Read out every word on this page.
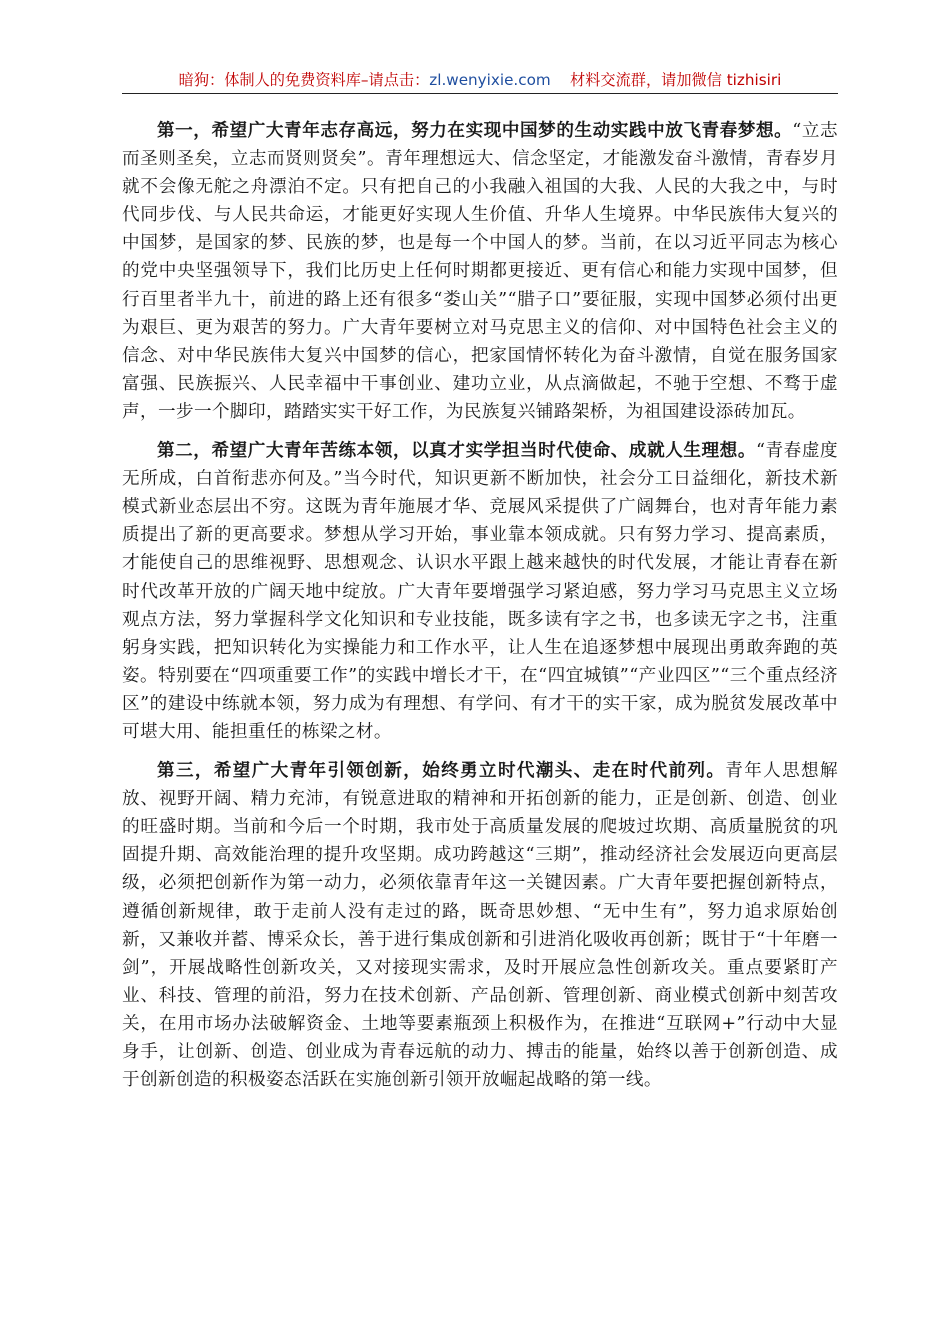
暗狗：体制人的免费资料库–请点击：zl.wenyixie.com 材料交流群，请加微信 tizhisiri

第一，希望广大青年志存高远，努力在实现中国梦的生动实践中放飞青春梦想。“立志而圣则圣矣，立志而贤则贤矣”。青年理想远大、信念坚定，才能激发奋斗激情，青春岁月就不会像无舵之舟漂泊不定。只有把自己的小我融入祖国的大我、人民的大我之中，与时代同步伐、与人民共命运，才能更好实现人生价值、升华人生境界。中华民族伟大复兴的中国梦，是国家的梦、民族的梦，也是每一个中国人的梦。当前，在以习近平同志为核心的党中央坚强领导下，我们比历史上任何时期都更接近、更有信心和能力实现中国梦，但行百里者半九十，前进的路上还有很多“娄山关”“腊子口”要征服，实现中国梦必须付出更为艰巨、更为艰苦的努力。广大青年要树立对马克思主义的信仰、对中国特色社会主义的信念、对中华民族伟大复兴中国梦的信心，把家国情怀转化为奋斗激情，自觉在服务国家富强、民族振兴、人民幸福中干事创业、建功立业，从点滴做起，不驰于空想、不骛于虚声，一步一个脚印，踏踏实实干好工作，为民族复兴铺路架桥，为祖国建设添砖加瓦。

第二，希望广大青年苦练本领，以真才实学担当时代使命、成就人生理想。“青春虚度无所成，白首衔悲亦何及。”当今时代，知识更新不断加快，社会分工日益细化，新技术新模式新业态层出不穷。这既为青年施展才华、竞展风采提供了广阔舞台，也对青年能力素质提出了新的更高要求。梦想从学习开始，事业靠本领成就。只有努力学习、提高素质，才能使自己的思维视野、思想观念、认识水平跟上越来越快的时代发展，才能让青春在新时代改革开放的广阔天地中绽放。广大青年要增强学习紧迫感，努力学习马克思主义立场观点方法，努力掌握科学文化知识和专业技能，既多读有字之书，也多读无字之书，注重躬身实践，把知识转化为实操能力和工作水平，让人生在追逐梦想中展现出勇敢奔跑的英姿。特别要在“四项重要工作”的实践中增长才干，在“四宜城镇”“产业四区”“三个重点经济区”的建设中练就本领，努力成为有理想、有学问、有才干的实干家，成为脱贫发展改革中可堪大用、能担重任的栋梁之材。

第三，希望广大青年引领创新，始终勇立时代潮头、走在时代前列。青年人思想解放、视野开阔、精力充沛，有锐意进取的精神和开拓创新的能力，正是创新、创造、创业的旺盛时期。当前和今后一个时期，我市处于高质量发展的爬坡过坎期、高质量脱贫的巩固提升期、高效能治理的提升攻坚期。成功跨越这“三期”，推动经济社会发展迈向更高层级，必须把创新作为第一动力，必须依靠青年这一关键因素。广大青年要把握创新特点，遵循创新规律，敢于走前人没有走过的路，既奇思妙想、“无中生有”，努力追求原始创新，又兼收并蓄、博采众长，善于进行集成创新和引进消化吸收再创新；既甘于“十年磨一剑”，开展战略性创新攻关，又对接现实需求，及时开展应急性创新攻关。重点要紧盯产业、科技、管理的前沿，努力在技术创新、产品创新、管理创新、商业模式创新中刻苦攻关，在用市场办法破解资金、土地等要素瓶颈上积极作为，在推进“互联网+”行动中大显身手，让创新、创造、创业成为青春远航的动力、搏击的能量，始终以善于创新创造、成于创新创造的积极姿态活跃在实施创新引领开放崛起战略的第一线。
